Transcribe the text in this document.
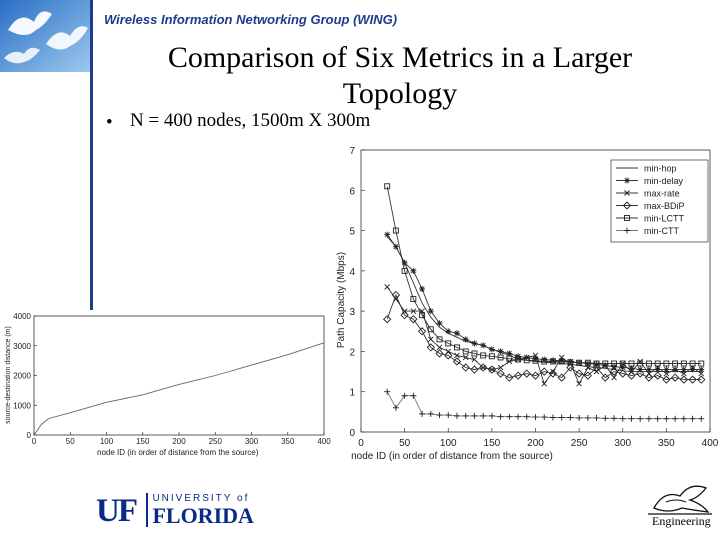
Wireless Information Networking Group (WING)
Comparison of Six Metrics in a Larger Topology
• N = 400 nodes, 1500m X 300m
0	50	100	150	200	250	300	350	400
0
1000
2000
3000
4000
node ID (in order of distance from the source)
source-destination distance (m)
0	50	100	150	200	250	300	350	400
0
1
2
3
4
5
6
7
node ID (in order of distance from the source)
Path Capacity (Mbps)
min-hop
min-delay
max-rate
max-BDiP
min-LCTT
min-CTT
UF UNIVERSITY of
FLORIDA	Engineering
